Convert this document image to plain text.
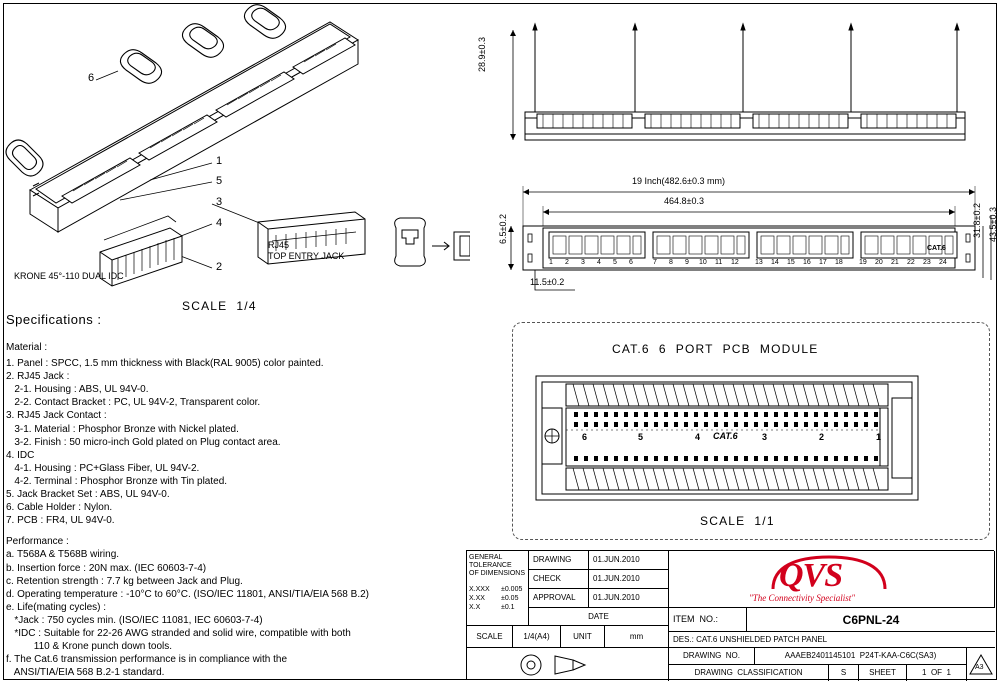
6
1
5
3
4
2
RJ45
TOP ENTRY JACK
KRONE 45°-110 DUAL IDC
SCALE  1/4
28.9±0.3
19 Inch(482.6±0.3 mm)
464.8±0.3
6.5±0.2	31.8±0.2 43.5±0.3
11.5±0.2
CAT.6
1 2 3 4 5 6	7 8 9 10 11 12 13 14 15 16 17 18 19 20 21 22 23 24
Specifications :
Material :
1. Panel : SPCC, 1.5 mm thickness with Black(RAL 9005) color painted.
2. RJ45 Jack :
2-1. Housing : ABS, UL 94V-0.
2-2. Contact Bracket : PC, UL 94V-2, Transparent color.
3. RJ45 Jack Contact :
3-1. Material : Phosphor Bronze with Nickel plated.
3-2. Finish : 50 micro-inch Gold plated on Plug contact area.
4. IDC
4-1. Housing : PC+Glass Fiber, UL 94V-2.
4-2. Terminal : Phosphor Bronze with Tin plated.
5. Jack Bracket Set : ABS, UL 94V-0.
6. Cable Holder : Nylon.
7. PCB : FR4, UL 94V-0.
Performance :
a. T568A & T568B wiring.
b. Insertion force : 20N max. (IEC 60603-7-4)
c. Retention strength : 7.7 kg between Jack and Plug.
d. Operating temperature : -10°C to 60°C. (ISO/IEC 11801, ANSI/TIA/EIA 568 B.2)
e. Life(mating cycles) :
*Jack : 750 cycles min. (ISO/IEC 11081, IEC 60603-7-4)
*IDC : Suitable for 22-26 AWG stranded and solid wire, compatible with both
110 & Krone punch down tools.
f. The Cat.6 transmission performance is in compliance with the
ANSI/TIA/EIA 568 B.2-1 standard.
CAT.6  6  PORT  PCB  MODULE
SCALE  1/1
6	5	4	3	2	1
CAT.6
GENERAL
TOLERANCE
OF DIMENSIONS
X.XXX	±0.005
X.XX	±0.05
X.X	±0.1
DRAWING	01.JUN.2010
CHECK	01.JUN.2010
APPROVAL	01.JUN.2010
DATE
QVS
"The Connectivity Specialist"
ITEM  NO.:	C6PNL-24
SCALE	1/4(A4)	UNIT	mm	DES.:
CAT.6 UNSHIELDED PATCH PANEL
DRAWING  NO.	AAAEB2401145101  P24T-KAA-C6C(SA3)
A3
DRAWING  CLASSIFICATION	S	SHEET	1  OF  1
